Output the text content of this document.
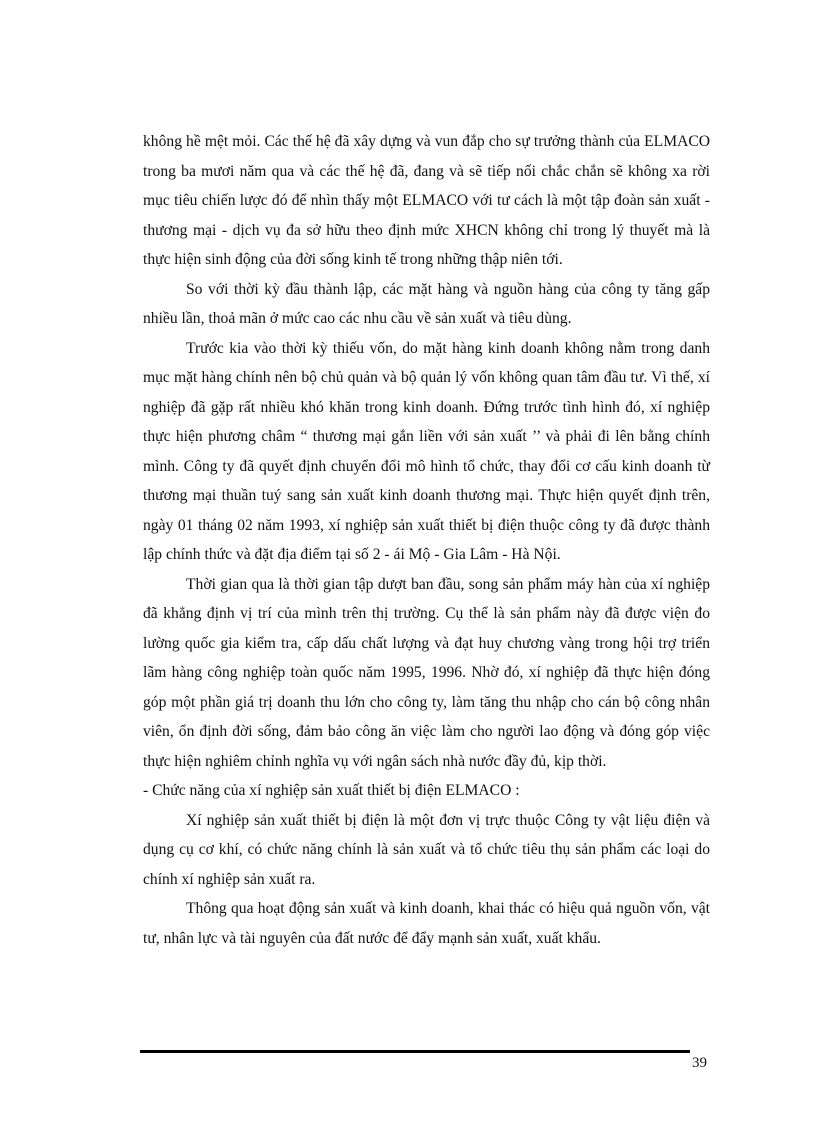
không hề mệt mỏi. Các thế hệ đã xây dựng và vun đắp cho sự trưởng thành của ELMACO trong ba mươi năm qua và các thế hệ đã, đang và sẽ tiếp nối chắc chắn sẽ không xa rời mục tiêu chiến lược đó để nhìn thấy một ELMACO với tư cách là một tập đoàn sản xuất - thương mại - dịch vụ đa sở hữu theo định mức XHCN không chỉ trong lý thuyết mà là thực hiện sinh động của đời sống kinh tế trong những thập niên tới.

So với thời kỳ đầu thành lập, các mặt hàng và nguồn hàng của công ty tăng gấp nhiều lần, thoả mãn ở mức cao các nhu cầu về sản xuất và tiêu dùng.

Trước kia vào thời kỳ thiếu vốn, do mặt hàng kinh doanh không nằm trong danh mục mặt hàng chính nên bộ chủ quản và bộ quản lý vốn không quan tâm đầu tư. Vì thế, xí nghiệp đã gặp rất nhiều khó khăn trong kinh doanh. Đứng trước tình hình đó, xí nghiệp thực hiện phương châm “ thương mại gắn liền với sản xuất ’’ và phải đi lên bằng chính mình. Công ty đã quyết định chuyển đổi mô hình tổ chức, thay đổi cơ cấu kinh doanh từ thương mại thuần tuý sang sản xuất kinh doanh thương mại. Thực hiện quyết định trên, ngày 01 tháng 02 năm 1993, xí nghiệp sản xuất thiết bị điện thuộc công ty đã được thành lập chính thức và đặt địa điểm tại số 2 - ái Mộ - Gia Lâm - Hà Nội.

Thời gian qua là thời gian tập dượt ban đầu, song sản phẩm máy hàn của xí nghiệp đã khẳng định vị trí của mình trên thị trường. Cụ thể là sản phẩm này đã được viện đo lường quốc gia kiểm tra, cấp dấu chất lượng và đạt huy chương vàng trong hội trợ triển lãm hàng công nghiệp toàn quốc năm 1995, 1996. Nhờ đó, xí nghiệp đã thực hiện đóng góp một phần giá trị doanh thu lớn cho công ty, làm tăng thu nhập cho cán bộ công nhân viên, ổn định đời sống, đảm bảo công ăn việc làm cho người lao động và đóng góp việc thực hiện nghiêm chỉnh nghĩa vụ với ngân sách nhà nước đầy đủ, kịp thời.

- Chức năng của xí nghiệp sản xuất thiết bị điện ELMACO :

Xí nghiệp sản xuất thiết bị điện là một đơn vị trực thuộc Công ty vật liệu điện và dụng cụ cơ khí, có chức năng chính là sản xuất và tổ chức tiêu thụ sản phẩm các loại do chính xí nghiệp sản xuất ra.

Thông qua hoạt động sản xuất và kinh doanh, khai thác có hiệu quả nguồn vốn, vật tư, nhân lực và tài nguyên của đất nước để đẩy mạnh sản xuất, xuất khẩu.

39
